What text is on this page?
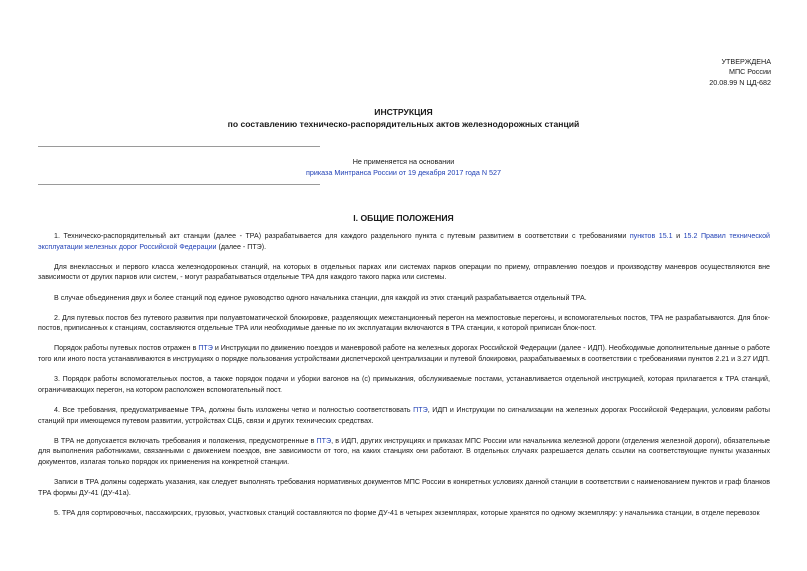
УТВЕРЖДЕНА
МПС России
20.08.99 N ЦД-682
ИНСТРУКЦИЯ
по составлению техническо-распорядительных актов железнодорожных станций
Не применяется на основании
приказа Минтранса России от 19 декабря 2017 года N 527
I. ОБЩИЕ ПОЛОЖЕНИЯ

1. Техническо-распорядительный акт станции (далее - ТРА) разрабатывается для каждого раздельного пункта с путевым развитием в соответствии с требованиями пунктов 15.1 и 15.2 Правил технической эксплуатации железных дорог Российской Федерации (далее - ПТЭ).

Для внеклассных и первого класса железнодорожных станций, на которых в отдельных парках или системах парков операции по приему, отправлению поездов и производству маневров осуществляются вне зависимости от других парков или систем, - могут разрабатываться отдельные ТРА для каждого такого парка или системы.

В случае объединения двух и более станций под единое руководство одного начальника станции, для каждой из этих станций разрабатывается отдельный ТРА.

2. Для путевых постов без путевого развития при полуавтоматической блокировке, разделяющих межстанционный перегон на межпостовые перегоны, и вспомогательных постов, ТРА не разрабатываются. Для блок-постов, приписанных к станциям, составляются отдельные ТРА или необходимые данные по их эксплуатации включаются в ТРА станции, к которой приписан блок-пост.

Порядок работы путевых постов отражен в ПТЭ и Инструкции по движению поездов и маневровой работе на железных дорогах Российской Федерации (далее - ИДП). Необходимые дополнительные данные о работе того или иного поста устанавливаются в инструкциях о порядке пользования устройствами диспетчерской централизации и путевой блокировки, разрабатываемых в соответствии с требованиями пунктов 2.21 и 3.27 ИДП.

3. Порядок работы вспомогательных постов, а также порядок подачи и уборки вагонов на (с) примыкания, обслуживаемые постами, устанавливается отдельной инструкцией, которая прилагается к ТРА станций, ограничивающих перегон, на котором расположен вспомогательный пост.

4. Все требования, предусматриваемые ТРА, должны быть изложены четко и полностью соответствовать ПТЭ, ИДП и Инструкции по сигнализации на железных дорогах Российской Федерации, условиям работы станций при имеющемся путевом развитии, устройствах СЦБ, связи и других технических средствах.

В ТРА не допускается включать требования и положения, предусмотренные в ПТЭ, в ИДП, других инструкциях и приказах МПС России или начальника железной дороги (отделения железной дороги), обязательные для выполнения работниками, связанными с движением поездов, вне зависимости от того, на каких станциях они работают. В отдельных случаях разрешается делать ссылки на соответствующие пункты указанных документов, излагая только порядок их применения на конкретной станции.

Записи в ТРА должны содержать указания, как следует выполнять требования нормативных документов МПС России в конкретных условиях данной станции в соответствии с наименованием пунктов и граф бланков ТРА формы ДУ-41 (ДУ-41а).

5. ТРА для сортировочных, пассажирских, грузовых, участковых станций составляются по форме ДУ-41 в четырех экземплярах, которые хранятся по одному экземпляру: у начальника станции, в отделе перевозок
